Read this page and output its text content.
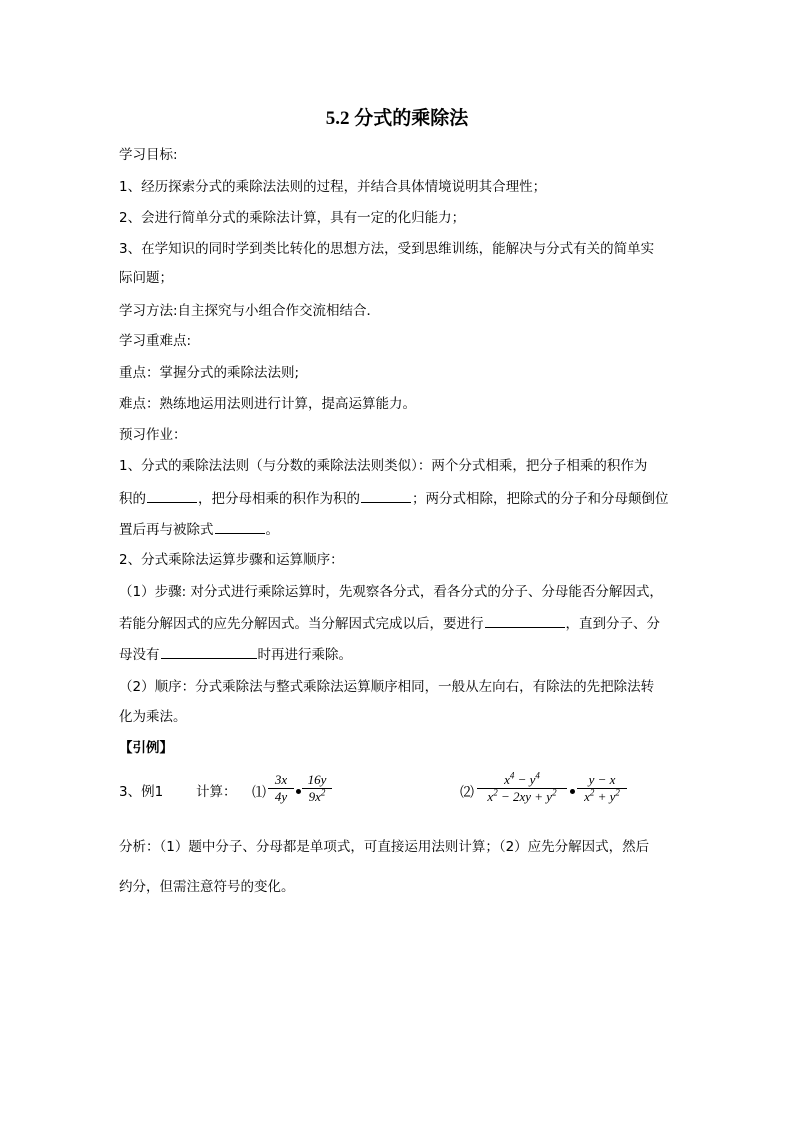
5.2 分式的乘除法
学习目标:
1、经历探索分式的乘除法法则的过程，并结合具体情境说明其合理性；
2、会进行简单分式的乘除法计算，具有一定的化归能力；
3、在学知识的同时学到类比转化的思想方法，受到思维训练，能解决与分式有关的简单实
际问题；
学习方法:自主探究与小组合作交流相结合．
学习重难点:
重点：掌握分式的乘除法法则;
难点：熟练地运用法则进行计算，提高运算能力。
预习作业：
1、分式的乘除法法则（与分数的乘除法法则类似）：两个分式相乘，把分子相乘的积作为
积的	，把分母相乘的积作为积的	；两分式相除，把除式的分子和分母颠倒位
置后再与被除式	。
2、分式乘除法运算步骤和运算顺序：
（1）步骤: 对分式进行乘除运算时，先观察各分式，看各分式的分子、分母能否分解因式，
若能分解因式的应先分解因式。当分解因式完成以后，要进行	，直到分子、分
母没有	时再进行乘除。
（2）顺序：分式乘除法与整式乘除法运算顺序相同，一般从左向右，有除法的先把除法转
化为乘法。
【引例】
3、例1 计算： ⑴ $\frac{3x}{4y} \frac{16y}{9x^2}$	⑵ $\frac{x^4 - y^4}{x^2 - 2xy + y^2} \frac{y - x}{x^2 + y^2}$
分析：（1）题中分子、分母都是单项式，可直接运用法则计算；（2）应先分解因式，然后
约分，但需注意符号的变化。
